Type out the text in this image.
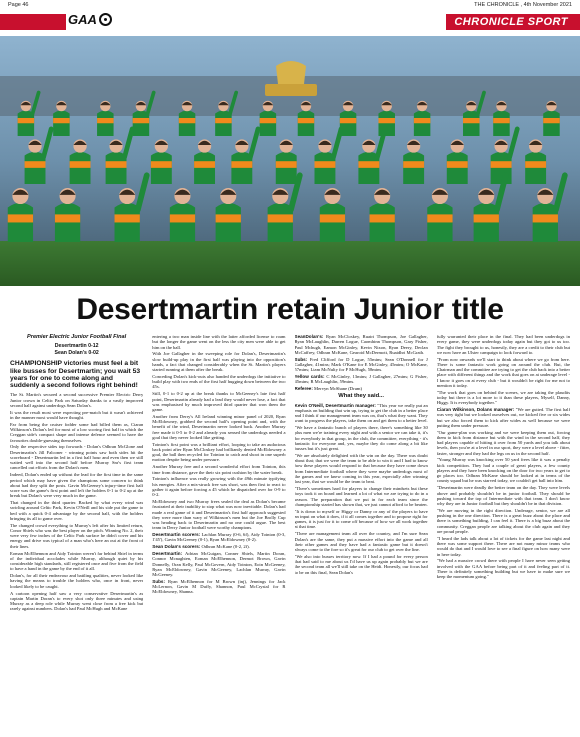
Page 46	THE CHRONICLE , 4th November 2021
GAA	CHRONICLE SPORT
Desertmartin retain Junior title
Premier Electric Junior Football Final
Desertmartin 0-12
Sean Dolan's 0-02
CHAMPIONSHIP victories must feel a bit like busses for Desertmartin; you wait 53 years for one to come along and suddenly a second follows right behind!

The St. Martin's secured a second successive Premier Electric Derry Junior crown in Celtic Park on Saturday thanks to a vastly improved second half against underdogs Sean Dolan's.

It was the result most were expecting pre-match but it wasn't achieved in the manner most would have thought.

Far from being the cruiser fodder some had billed them as, Ciaran Wilkinson's Dolan's led for most of a low scoring first half in which the Creggan side's compact shape and intense defence seemed to have the favourites double-guessing themselves.

Only the respective sides top forwards - Dolan's Odhran McGlone and Desertmartin's Jill Falconer - winning points saw both sides hit the scoreboard - Desertmartin led in a first half hour and even then we still waited well into the second half before Murray Snr's first team cancelled out efforts from the Dolan's men.

Indeed, Dolan's ended up without the lead for the first time in the same period which may have given the champions some concern to think about had they split the posts. Gavin McGeeney's injury-time first half score was the game's first point and left the holders 0-1 to 0-2 up at the break but Dolan's were very much in the game.

That changed in the third quarter. Backed by what every wind was swirling around Celtic Park, Kevin O'Neill and his side put the game to bed with a quick 0-4 advantage by the second half, with the holders bringing its all to game over.

The changed crowd everything to Murray's left after his limited return, Conor Shiels who was the best player on the pitch. Winning No. 2, their were very few inches of the Celtic Park surface he didn't cover and his energy and drive was typical of a man who's here an out at the front of their lines.

Eoman McElhennon and Aidy Tointon weren't far behind Shiel in terms of the individual accolades while Murray, although quiet by his considerable high standards, still registered once and five from the field to have a hand in the game by the end of it all.

Dolan's, for all their endeavour and battling qualities, never looked like having the means to trouble the holders who, once in front, never looked likely to be caught.

A cartoon opening half saw a very conservative Desertmartin's as captain Martin Doran's to every shot only three minutes and using Murray as a deep role while Murray went close from a free kick but rarely against numbers. Dolan's had Paul McHugh and McKane

entering a two man inside line with the latter afforded license to roam but the longer the game went on the less the city men were able to get him on the ball.

With Joe Gallagher in the sweeping role for Dolan's, Desertmartin's slow build-up play in the first half was playing into the opposition's hands, a fact that changed considerably when the St. Martin's players started running at them after the break.

Conceding Dolan's kick-outs also handed the underdogs the initiative to build play with two ends of the first half hugging down between the two 45s.

Still, 0-1 to 0-2 up at the break thanks to McGeeney's late first half point, Desertmartin already had a lead they would never lose, a fact that was emphasised by much improved third quarter that won them the game.

Another from Derry's All Ireland winning minor panel of 2020, Ryan McEldowney, grabbed the second half's opening point and, with the benefit of the wind, Desertmartin never looked back. Another Murray free made it 0-5 to 0-2 and already you sensed the underdogs needed a goal that they never looked like getting.

Tointon's first point was a brilliant effort, looping to take an audacious back point after Ryan McCloskey had brilliantly denied McEldowney a goal, the ball then recycled for Tointon to catch and shoot in one superb motion despite being under pressure.

Another Murray free and a second wonderful effort from Tointon, this time from distance, gave the their six point cushion by the water break.

Tointon's influence was really growing with the 49th minute typifying his energies. After a mis-struck free was short, was then first to react to gather it again before forcing a 45 which he dispatched over for 0-9 to 0-2.

McEldowney and two Murray frees sealed the deal as Dolan's became frustrated at their inability to stop what was now inevitable. Dolan's had made a real game of it and Desertmartin's first half approach suggested they were more than wary of Wilkinson's men but the Joe Brolly Cup was heading back to Desertmartin and no one could argue. The best team in Derry Junior football were worthy champions.

Desertmartin scorers: Lachlan Murray (0-6, 6f), Aidy Tointon (0-3, 1'45'), Gavin McGeeney (0-1), Ryan McEldowney (0-2).

Sean Dolan's scorers: Odhran McKane (0-2, 2f).

Desertmartin: Adrian McGuigan, Conner Shiels, Martin Doran, Connor Mcnaghten, Eoman McElhennon, Dermot Brown, Gavin Donnelly, Oran Kelly, Paul McGovern, Aidy Tointon, Eoin McGeeney, Ryan McEldowney, Gavin McGeeney, Lachlan Murray, Gavin McGeeney.

Subs: Ryan McElhennon for M Brown (inj), Jennings for Jack McLernon, Gavin M Duffy, Shannon, Paul McCrystal for R McEldowney, Shanna.

SeanDolan's: Ryan McCloskey, Ruairi Thompson, Joe Gallagher, Ryan McLaughlin, Darren Logue, Caomhinn Thompson, Gary Fisher, Paul Mchugh, Eamon McGinley, Kevin Nixon, Ryan Deery, Declan McCaffrey, Odhran McKane, Gearoid McDermott, Ruaidhri McGrath.

Subs: Fred Clifford for D Logue, 55mins; Sean O'Donnell for J Gallagher, 41mins; Mark O'Kane for E McGinley, 45mins; O McKane, 57mins; Liam McNulty for P McHugh, 58mins.

Yellow cards: C McGinley, 13mins; J Gallagher, 27mins; G Fisher, 45mins; R McLaughlin, 59mins.

Referee: Mervyn McShane (Drum)

What they said...

Kevin O'Neill, Desertmartin manager: "This year we really put an emphasis on building that win up, trying to get the club in a better place and I think if our management team was on, that's what they want. They want to progress the players, take them on and get them to a better level.

"We have a fantastic bunch of players there, there's something like 30 plus men we're training every night and with a senior we can take it, it's for everybody in that group, in the club, the committee, everything - it's fantastic for everyone and, yes, maybe they do come along a bit like busses but it's just great.

"We are absolutely delighted with the win on the day. There was doubt about that; that we were the team to be able to win it and I had to know how these players would respond to that because they have come down from Intermediate football where they were maybe underdogs most of the games and we knew coming in this year, especially after winning last year, that we would be the team to beat.

"There's sometimes hard for players to change their mindsets but these boys took it on board and learned a lot of what we are trying to do in a season. The preparation that we put in for each team since the championship started has shown that, we just cannot afford to be beaten.

"It is down to myself or Higgy or Danny or any of the players to have an input on what it does, if it all comes together and to propose right for games, it is just for it to come off because of how we all work together at that time.

"There are management team all over the country, and I'm sure Sean Dolan's are the same, they put a massive effort into the game and all their other games and they have had a fantastic game but it doesn't always come to the fore so it's great for our club to get over the line.

"We also into busses territory now. If I had a pound for every person that had said to me about us I'd have us up again probably but we are the second team all we'll still take on the Heidi. Honestly, our focus had to be on this final, Sean Dolan's

fully warranted their place in the final. They had been underdogs in every game, they were underdogs today again but they got to us too. The fight they brought to us, honestly, they are a credit to their club but we now have an Ulster campaign to look forward to.

"From now onwards we'll start to think about where we go from here. There is some fantastic work going on around the club. But, the Chairman and the committee are trying to get the club back into a better place with different things and the work that goes on at underage level - I know it goes on at every club - but it wouldn't be right for me not to mention it today.

"The work that goes on behind the scenes, we are taking the plaudits today but there is a lot more to it than these players, Myself, Danny, Higgy. It is everybody together."

Ciaran Wilkinson, Dolans manager: "We are gutted. The first half was very tight but we looked ourselves out, we kicked five or six wides but we also forced them to kick after wides as well because we were putting them under pressure.

"Our game-plan was working and we were keeping them out, forcing them to kick from distance but with the wind in the second half, they had players capable of hitting it over from 50 yards and you talk about levels, then you're at a level in our sport, they were a level above - fitter, faster, stronger and they had the legs on us in the second half.

"Young Murray was knocking over 50 yard frees like it was a penalty kick competition. They had a couple of great players, a few county players and they have been knocking on the door for two years to get to go places too. Odhran McKane should be looked at in terms of the county squad but he was starved today, we couldn't get ball into him.

"Desertmartin were deadly the better team on the day. They were levels above and probably shouldn't be in junior football. They should be pushing toward the top of Intermediate with that team. I don't know why they are in Junior football but they shouldn't be in that division.

"We are moving in the right direction. Underage, senior, we are all pushing in the one direction. There is a great buzz about the place and there is something building, I can feel it. There is a big buzz about the community. Creggan people are talking about the club again and they are proud people.

"I heard the lads talk about a lot of tickets for the game last night and there was some support there. There are not many minor teams who would do that and I would love to see a final figure on how many were in here today.

"We had a massive crowd there with people I have never seen getting involved with the GAA before being part of it and feeling part of it. There is definitely something building but we have to make sure we keep the momentum going."
